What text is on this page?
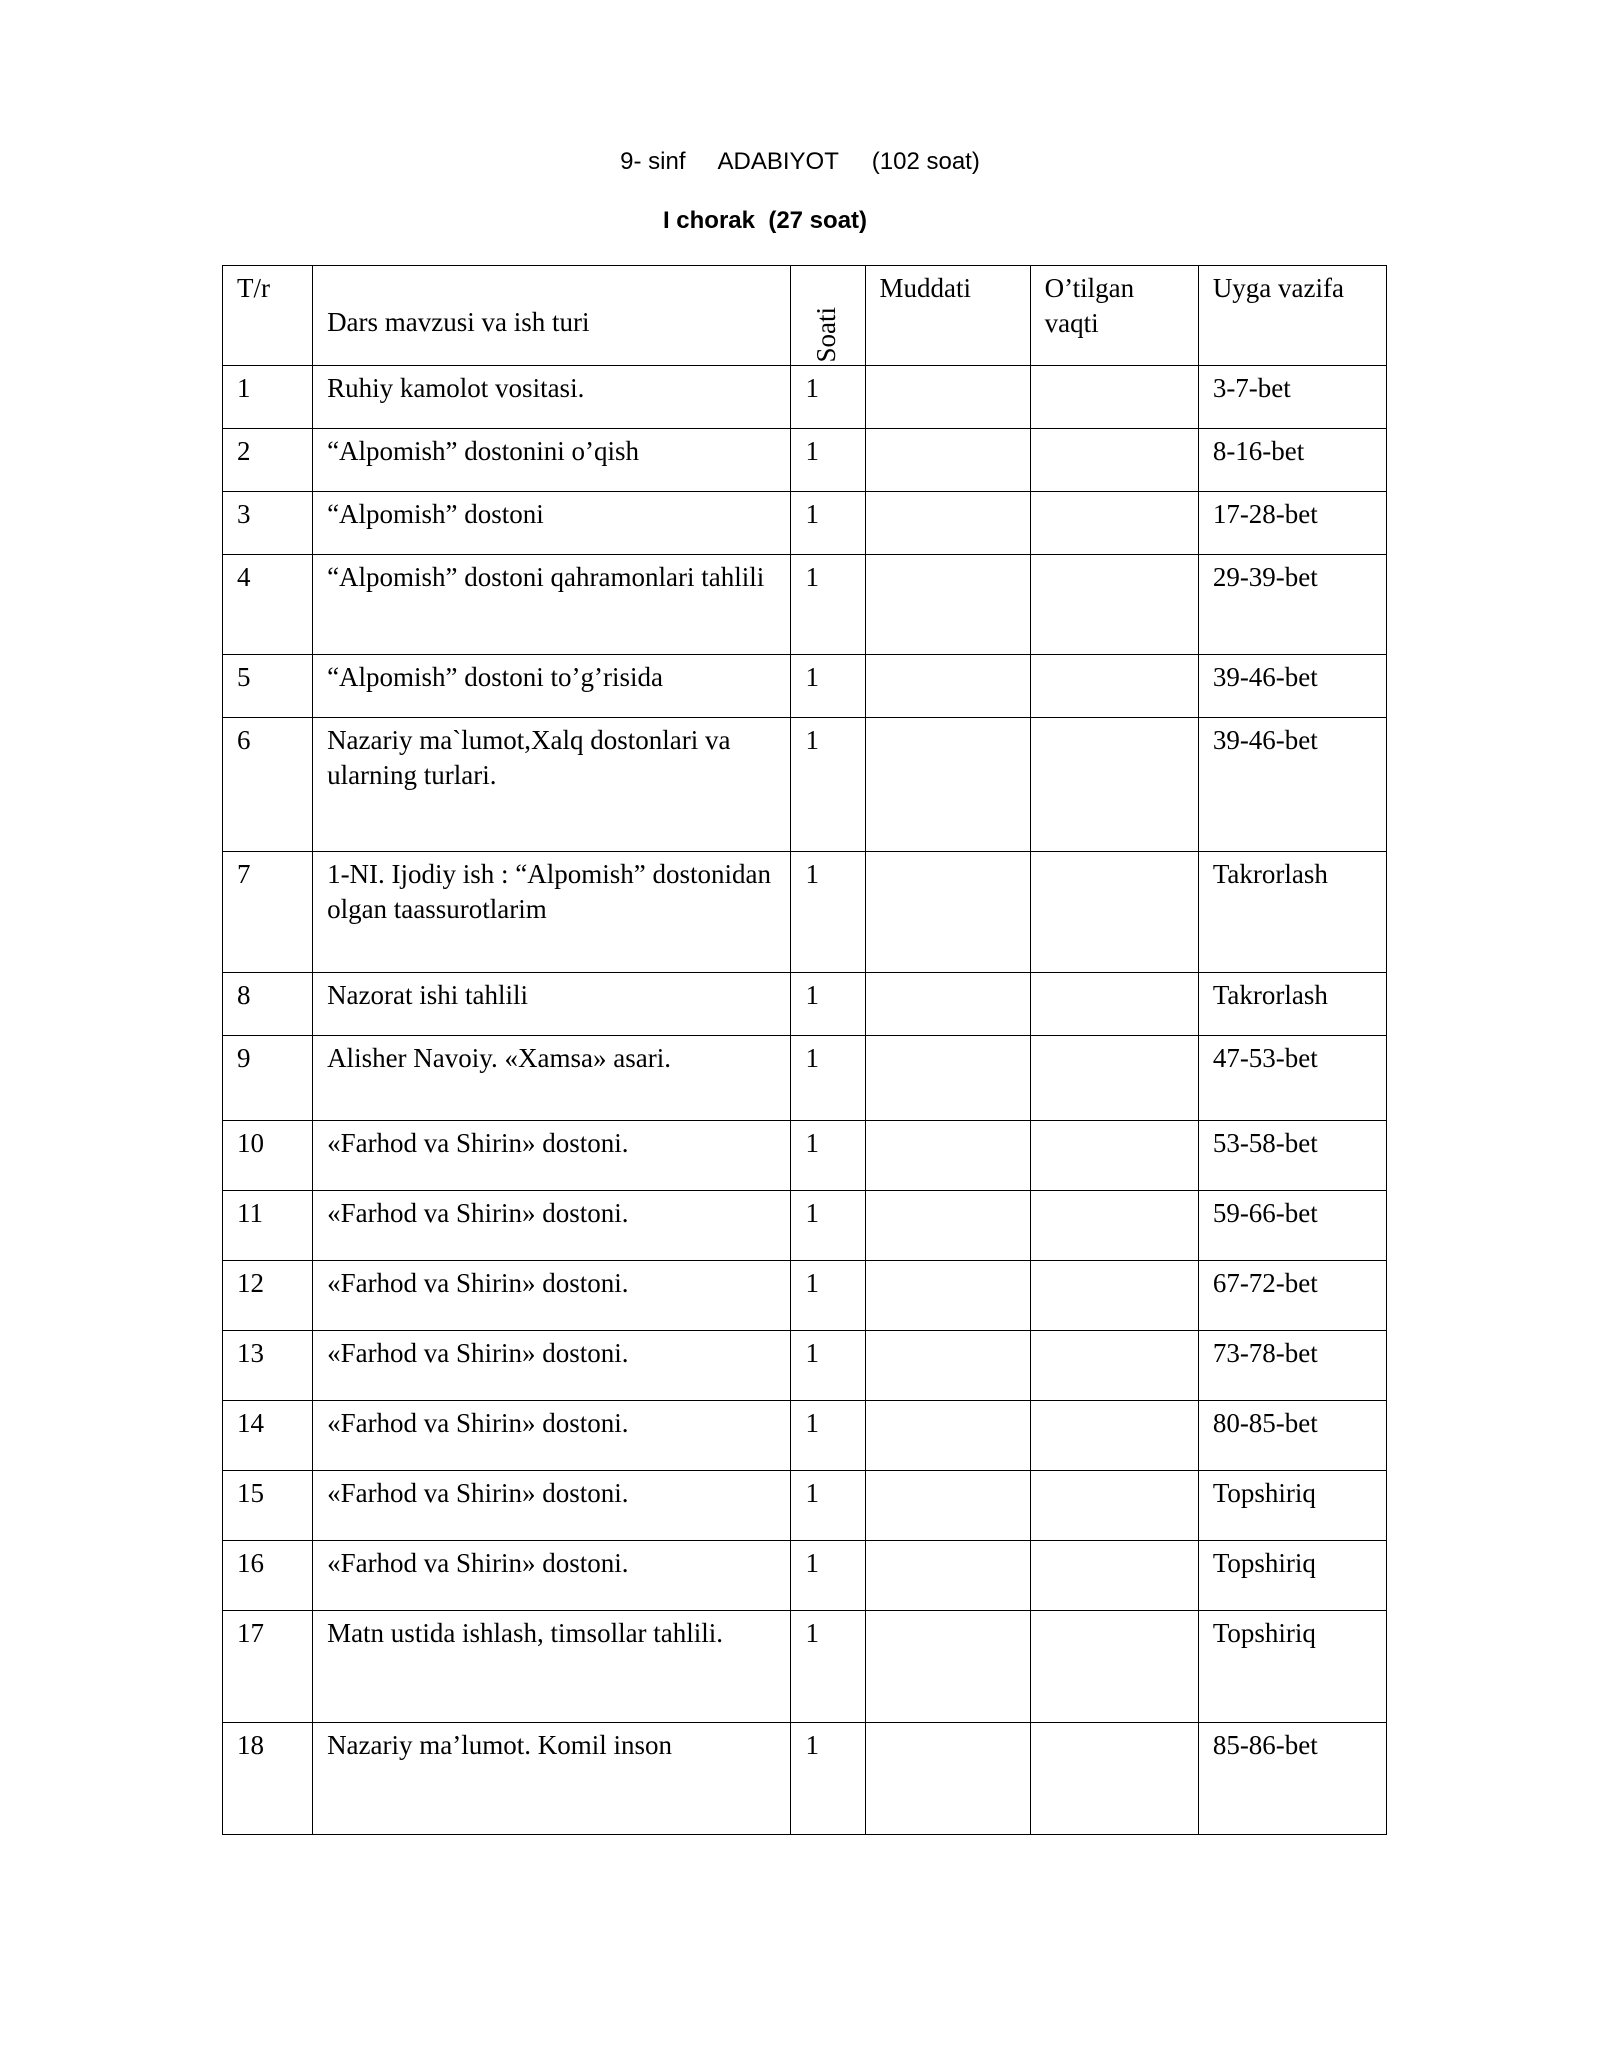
9- sinf     ADABIYOT     (102 soat)
I chorak  (27 soat)
T/r	Dars mavzusi va ish turi	Soati	Muddati	O’tilgan vaqti	Uyga vazifa
1	Ruhiy kamolot vositasi.	1			3-7-bet
2	“Alpomish” dostonini o’qish	1			8-16-bet
3	“Alpomish” dostoni	1			17-28-bet
4	“Alpomish” dostoni qahramonlari tahlili	1			29-39-bet
5	“Alpomish” dostoni to’g’risida	1			39-46-bet
6	Nazariy ma`lumot,Xalq dostonlari va ularning turlari.	1			39-46-bet
7	1-NI. Ijodiy ish : “Alpomish” dostonidan olgan taassurotlarim	1			Takrorlash
8	Nazorat ishi tahlili	1			Takrorlash
9	Alisher Navoiy. «Xamsa» asari.	1			47-53-bet
10	«Farhod va Shirin» dostoni.	1			53-58-bet
11	«Farhod va Shirin» dostoni.	1			59-66-bet
12	«Farhod va Shirin» dostoni.	1			67-72-bet
13	«Farhod va Shirin» dostoni.	1			73-78-bet
14	«Farhod va Shirin» dostoni.	1			80-85-bet
15	«Farhod va Shirin» dostoni.	1			Topshiriq
16	«Farhod va Shirin» dostoni.	1			Topshiriq
17	Matn ustida ishlash, timsollar tahlili.	1			Topshiriq
18	Nazariy ma’lumot. Komil inson	1			85-86-bet
